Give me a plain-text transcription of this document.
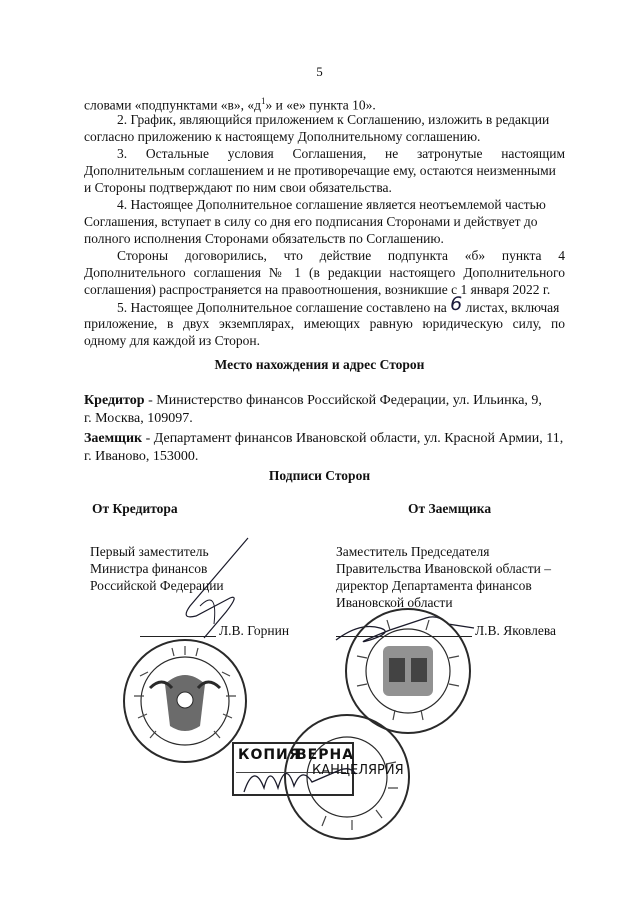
5
словами «подпунктами «в», «$д^1$» и «е» пункта 10».
2. График, являющийся приложением к Соглашению, изложить в редакции
согласно приложению к настоящему Дополнительному соглашению.
3. Остальные условия Соглашения, не затронутые настоящим
Дополнительным соглашением и не противоречащие ему, остаются неизменными
и Стороны подтверждают по ним свои обязательства.
4. Настоящее Дополнительное соглашение является неотъемлемой частью
Соглашения, вступает в силу со дня его подписания Сторонами и действует до
полного исполнения Сторонами обязательств по Соглашению.
Стороны договорились, что действие подпункта «б» пункта 4
Дополнительного соглашения № 1 (в редакции настоящего Дополнительного
соглашения) распространяется на правоотношения, возникшие с 1 января 2022 г.
5. Настоящее Дополнительное соглашение составлено на 6 листах, включая
приложение, в двух экземплярах, имеющих равную юридическую силу, по
одному для каждой из Сторон.
Место нахождения и адрес Сторон
Кредитор - Министерство финансов Российской Федерации, ул. Ильинка, 9,
г. Москва, 109097.
Заемщик - Департамент финансов Ивановской области, ул. Красной Армии, 11,
г. Иваново, 153000.
Подписи Сторон
От Кредитора	От Заемщика
Первый заместитель
Министра финансов
Российской Федерации
Заместитель Председателя
Правительства Ивановской области –
директор Департамента финансов
Ивановской области
Л.В. Горнин	Л.В. Яковлева
КОПИЯ
ВЕРНА
КАНЦЕЛЯРИЯ
